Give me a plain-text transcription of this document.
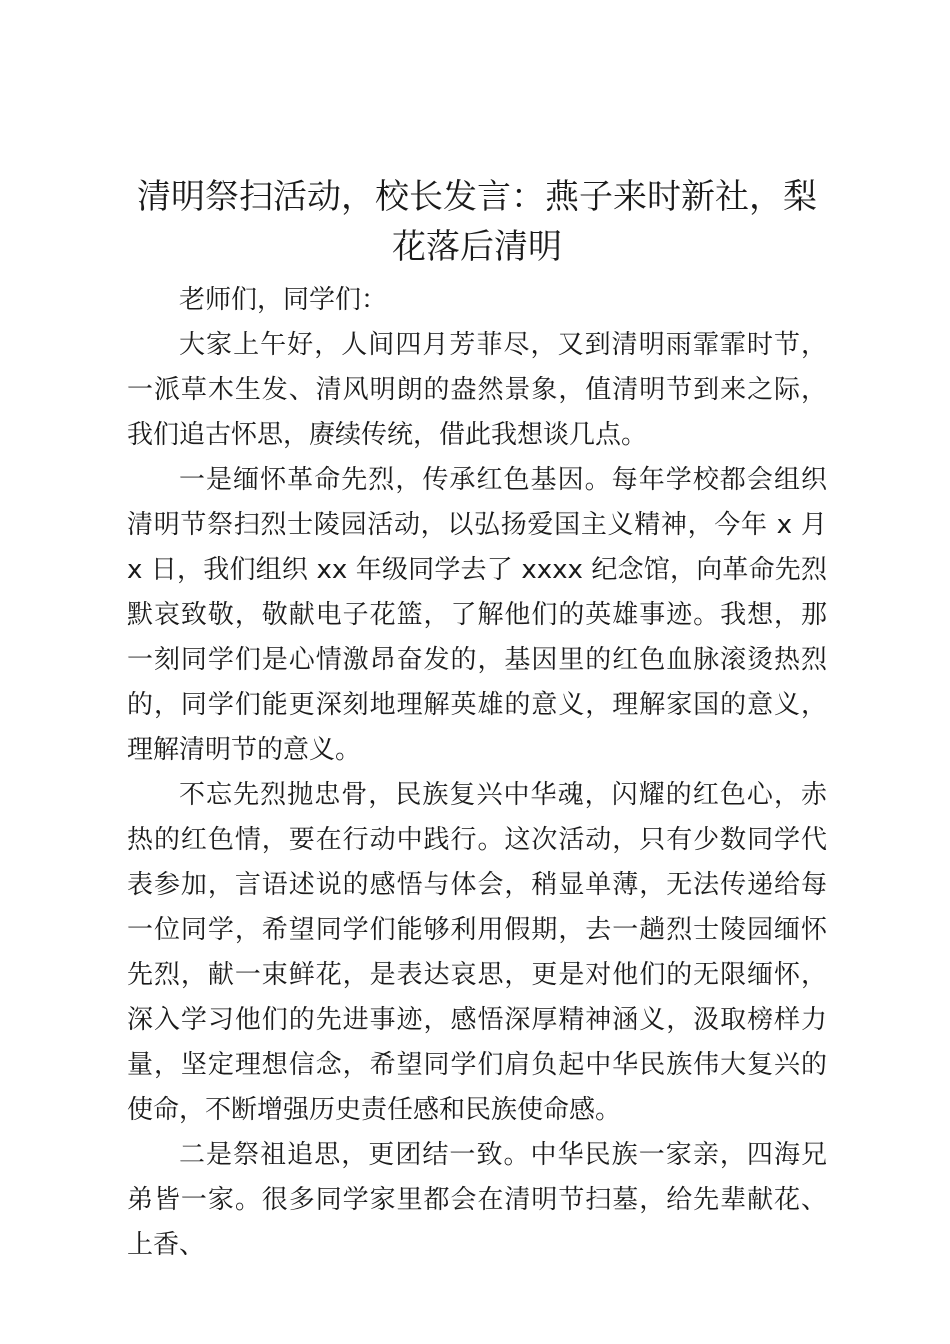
清明祭扫活动，校长发言：燕子来时新社，梨花落后清明

老师们，同学们：

大家上午好，人间四月芳菲尽，又到清明雨霏霏时节，一派草木生发、清风明朗的盎然景象，值清明节到来之际，我们追古怀思，赓续传统，借此我想谈几点。

一是缅怀革命先烈，传承红色基因。每年学校都会组织清明节祭扫烈士陵园活动，以弘扬爱国主义精神，今年 x 月 x 日，我们组织 xx 年级同学去了 xxxx 纪念馆，向革命先烈默哀致敬，敬献电子花篮，了解他们的英雄事迹。我想，那一刻同学们是心情激昂奋发的，基因里的红色血脉滚烫热烈的，同学们能更深刻地理解英雄的意义，理解家国的意义，理解清明节的意义。

不忘先烈抛忠骨，民族复兴中华魂，闪耀的红色心，赤热的红色情，要在行动中践行。这次活动，只有少数同学代表参加，言语述说的感悟与体会，稍显单薄，无法传递给每一位同学，希望同学们能够利用假期，去一趟烈士陵园缅怀先烈，献一束鲜花，是表达哀思，更是对他们的无限缅怀，深入学习他们的先进事迹，感悟深厚精神涵义，汲取榜样力量，坚定理想信念，希望同学们肩负起中华民族伟大复兴的使命，不断增强历史责任感和民族使命感。

二是祭祖追思，更团结一致。中华民族一家亲，四海兄弟皆一家。很多同学家里都会在清明节扫墓，给先辈献花、上香、
